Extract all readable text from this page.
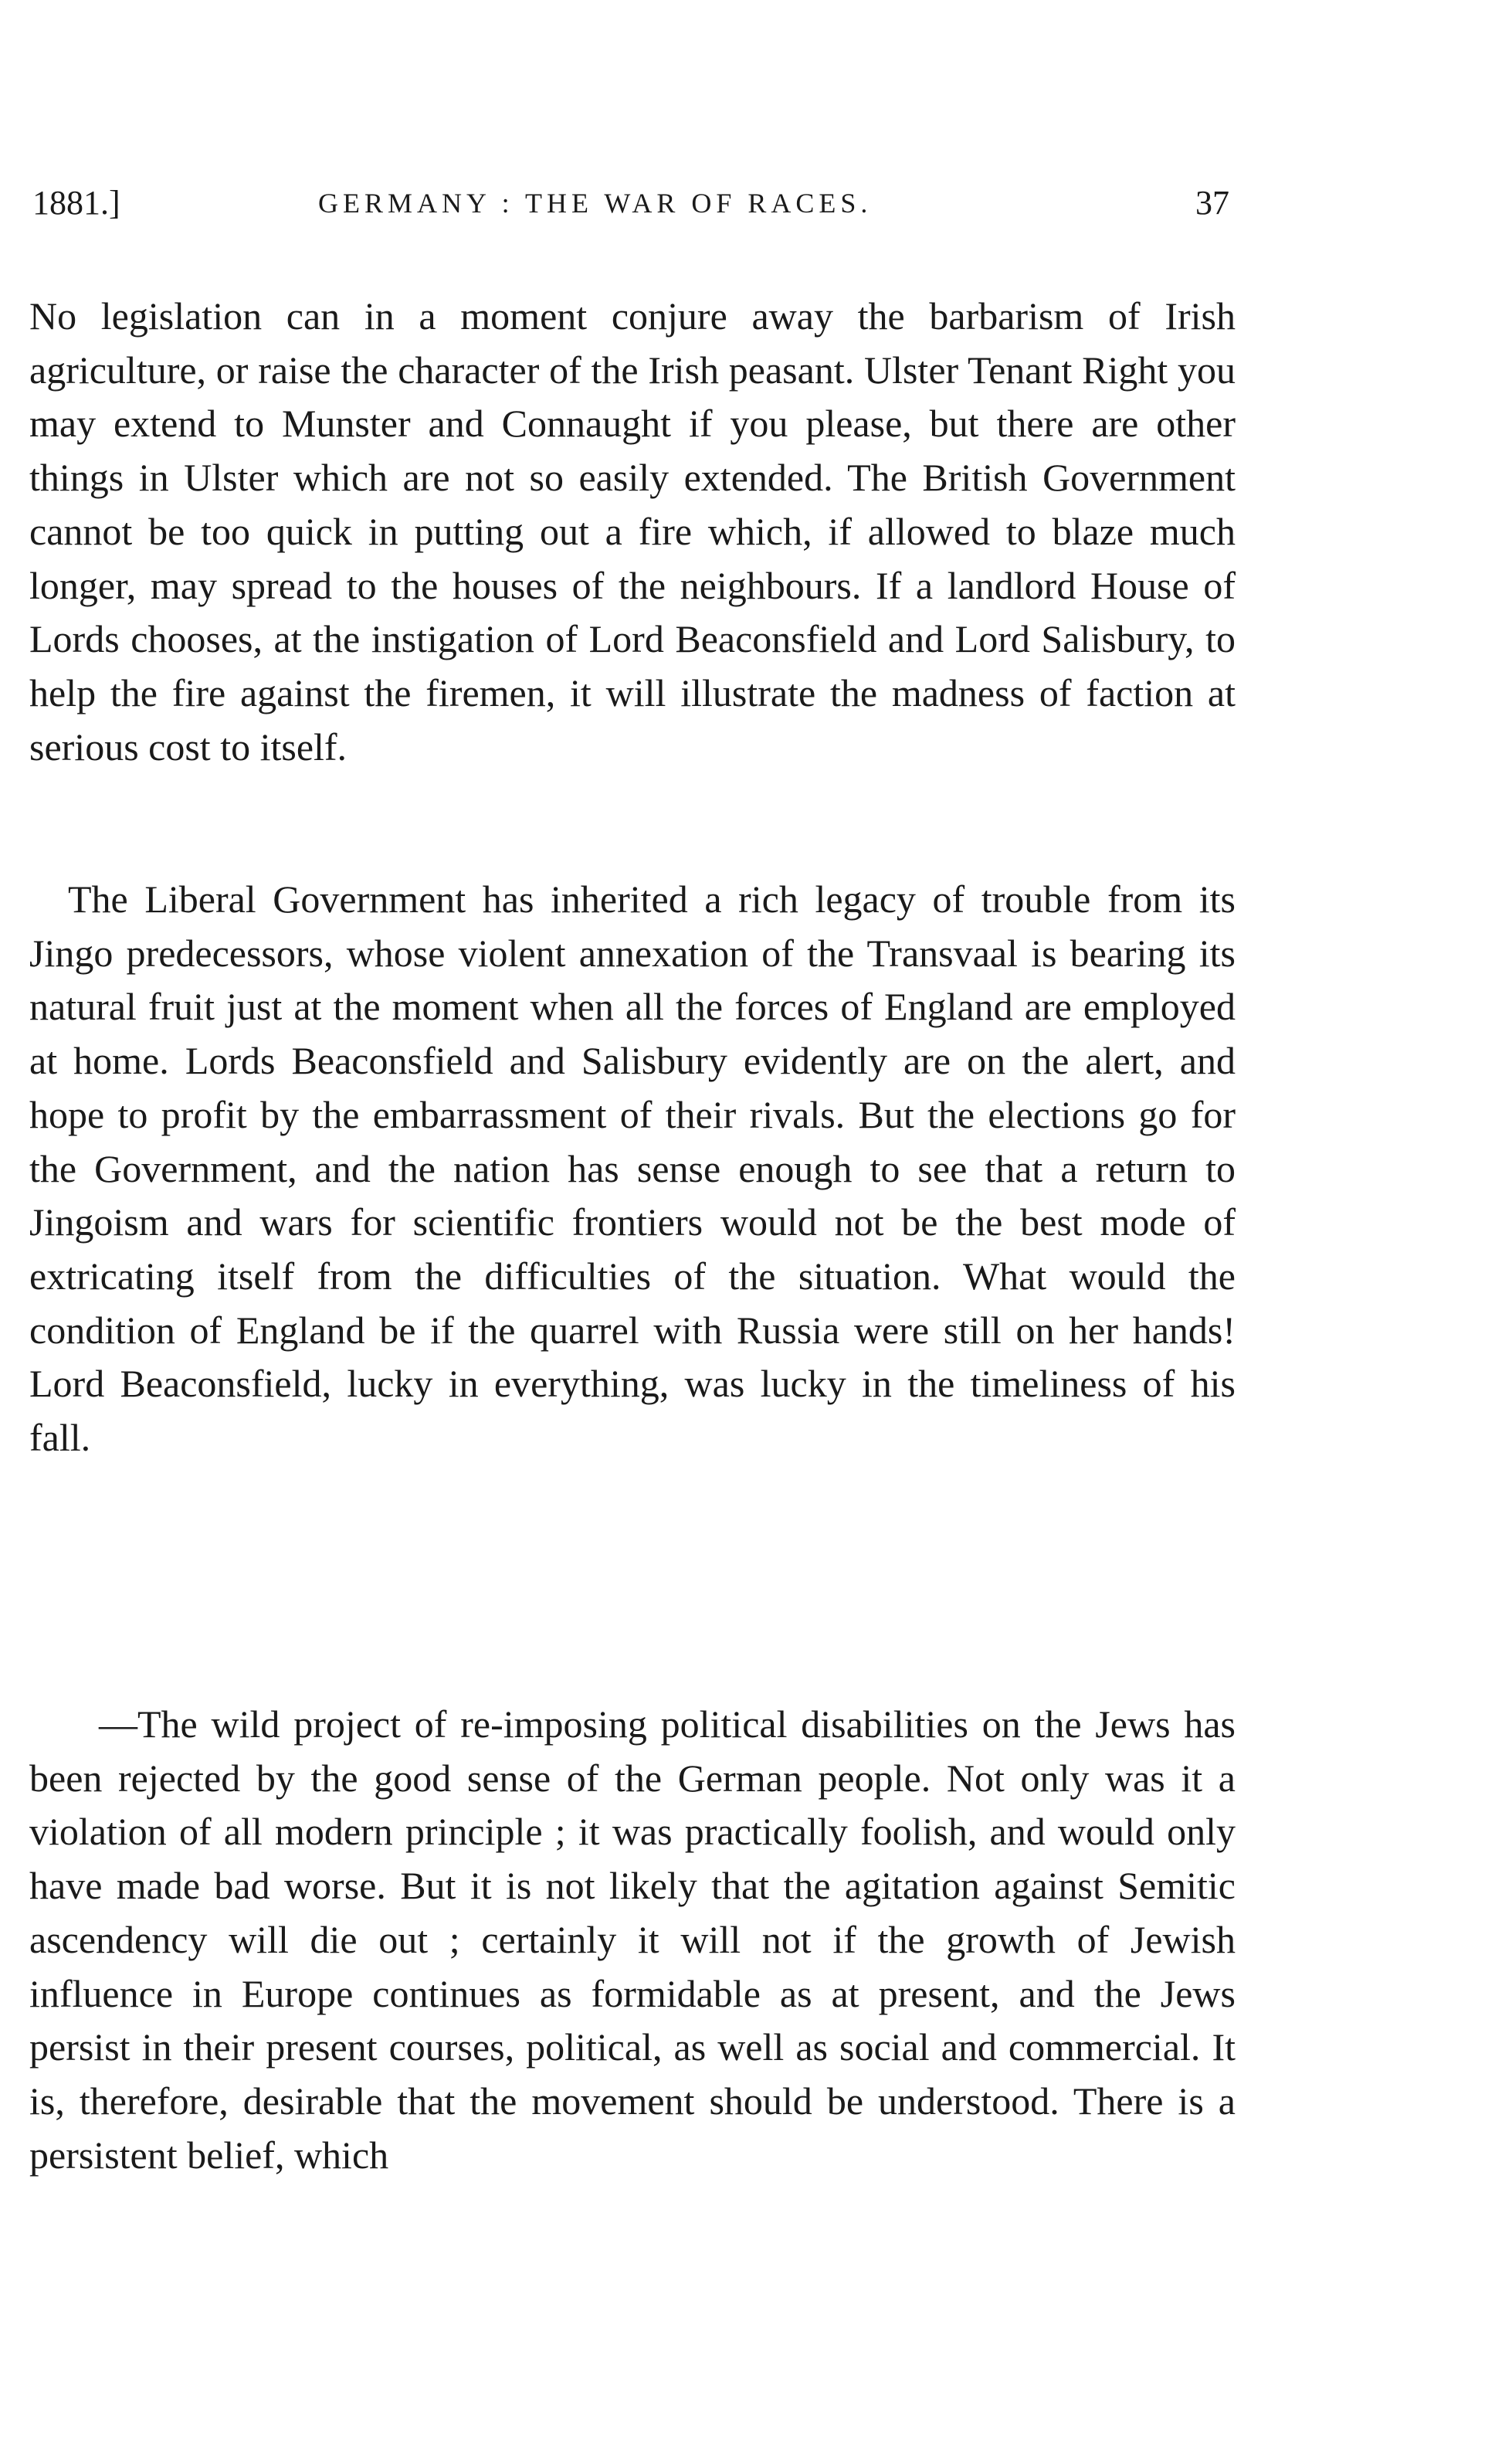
1881.]	GERMANY : THE WAR OF RACES.	37

No legislation can in a moment conjure away the barbarism of Irish agriculture, or raise the character of the Irish peasant. Ulster Tenant Right you may extend to Munster and Connaught if you please, but there are other things in Ulster which are not so easily extended. The British Government cannot be too quick in putting out a fire which, if allowed to blaze much longer, may spread to the houses of the neighbours. If a landlord House of Lords chooses, at the instigation of Lord Beaconsfield and Lord Salisbury, to help the fire against the firemen, it will illustrate the madness of faction at serious cost to itself.

The Liberal Government has inherited a rich legacy of trouble from its Jingo predecessors, whose violent annexation of the Transvaal is bearing its natural fruit just at the moment when all the forces of England are employed at home. Lords Beaconsfield and Salisbury evidently are on the alert, and hope to profit by the embarrassment of their rivals. But the elections go for the Government, and the nation has sense enough to see that a return to Jingoism and wars for scientific frontiers would not be the best mode of extricating itself from the difficulties of the situation. What would the condition of England be if the quarrel with Russia were still on her hands! Lord Beaconsfield, lucky in everything, was lucky in the timeliness of his fall.

—The wild project of re-imposing political disabilities on the Jews has been rejected by the good sense of the German people. Not only was it a violation of all modern principle ; it was practically foolish, and would only have made bad worse. But it is not likely that the agitation against Semitic ascendency will die out ; certainly it will not if the growth of Jewish influence in Europe continues as formidable as at present, and the Jews persist in their present courses, political, as well as social and commercial. It is, therefore, desirable that the movement should be understood. There is a persistent belief, which
